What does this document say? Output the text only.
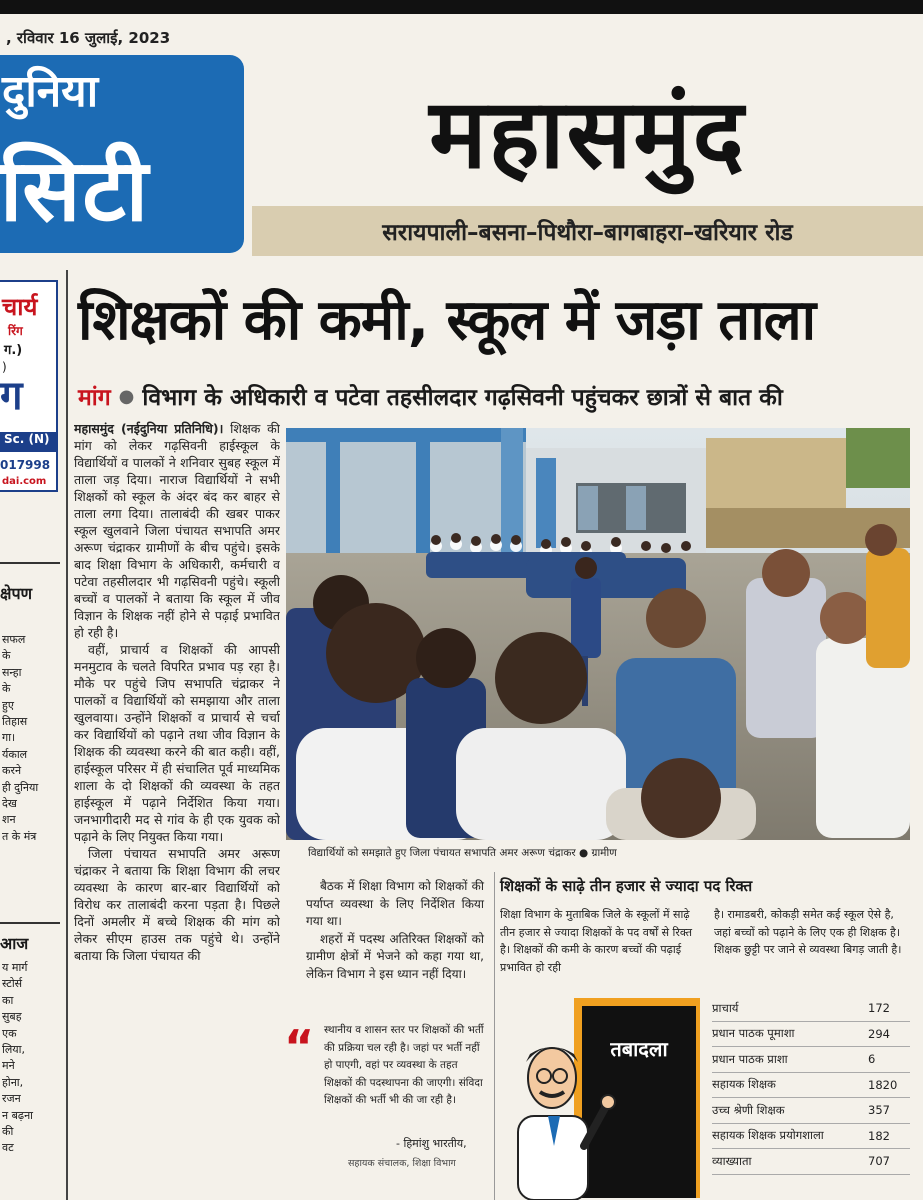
, रविवार 16 जुलाई, 2023
दुनिया
सिटी
महासमुंद
सरायपाली–बसना–पिथौरा–बागबाहरा–खरियार रोड
चार्य
रिंग
ग.)
)
ग
Sc. (N)
017998
dai.com
क्षेपण
सफल
के
सन्हा
के
हुए
तिहास
गा।
र्यकाल
करने
ही दुनिया
देख
शन
त के मंत्र
आज
य मार्ग
स्टोर्स
का
सुबह
एक
लिया,
मने
होना,
रजन
न बढ़ना
की
वट
शिक्षकों की कमी, स्कूल में जड़ा ताला
मांग ● विभाग के अधिकारी व पटेवा तहसीलदार गढ़सिवनी पहुंचकर छात्रों से बात की

महासमुंद (नईदुनिया प्रतिनिधि)। शिक्षक की मांग को लेकर गढ़सिवनी हाईस्कूल के विद्यार्थियों व पालकों ने शनिवार सुबह स्कूल में ताला जड़ दिया। नाराज विद्यार्थियों ने सभी शिक्षकों को स्कूल के अंदर बंद कर बाहर से ताला लगा दिया। तालाबंदी की खबर पाकर स्कूल खुलवाने जिला पंचायत सभापति अमर अरूण चंद्राकर ग्रामीणों के बीच पहुंचे। इसके बाद शिक्षा विभाग के अधिकारी, कर्मचारी व पटेवा तहसीलदार भी गढ़सिवनी पहुंचे। स्कूली बच्चों व पालकों ने बताया कि स्कूल में जीव विज्ञान के शिक्षक नहीं होने से पढ़ाई प्रभावित हो रही है।

वहीं, प्राचार्य व शिक्षकों की आपसी मनमुटाव के चलते विपरित प्रभाव पड़ रहा है। मौके पर पहुंचे जिप सभापति चंद्राकर ने पालकों व विद्यार्थियों को समझाया और ताला खुलवाया। उन्होंने शिक्षकों व प्राचार्य से चर्चा कर विद्यार्थियों को पढ़ाने तथा जीव विज्ञान के शिक्षक की व्यवस्था करने की बात कही। वहीं, हाईस्कूल परिसर में ही संचालित पूर्व माध्यमिक शाला के दो शिक्षकों की व्यवस्था के तहत हाईस्कूल में पढ़ाने निर्देशित किया गया। जनभागीदारी मद से गांव के ही एक युवक को पढ़ाने के लिए नियुक्त किया गया।

जिला पंचायत सभापति अमर अरूण चंद्राकर ने बताया कि शिक्षा विभाग की लचर व्यवस्था के कारण बार-बार विद्यार्थियों को विरोध कर तालाबंदी करना पड़ता है। पिछले दिनों अमलीर में बच्चे शिक्षक की मांग को लेकर सीएम हाउस तक पहुंचे थे। उन्होंने बताया कि जिला पंचायत की

विद्यार्थियों को समझाते हुए जिला पंचायत सभापति अमर अरूण चंद्राकर ● ग्रामीण

बैठक में शिक्षा विभाग को शिक्षकों की पर्याप्त व्यवस्था के लिए निर्देशित किया गया था।

शहरों में पदस्थ अतिरिक्त शिक्षकों को ग्रामीण क्षेत्रों में भेजने को कहा गया था, लेकिन विभाग ने इस ध्यान नहीं दिया।

“ स्थानीय व शासन स्तर पर शिक्षकों की भर्ती की प्रक्रिया चल रही है। जहां पर भर्ती नहीं हो पाएगी, वहां पर व्यवस्था के तहत शिक्षकों की पदस्थापना की जाएगी। संविदा शिक्षकों की भर्ती भी की जा रही है।
- हिमांशु भारतीय,
सहायक संचालक, शिक्षा विभाग
शिक्षकों के साढ़े तीन हजार से ज्यादा पद रिक्त
शिक्षा विभाग के मुताबिक जिले के स्कूलों में साढ़े तीन हजार से ज्यादा शिक्षकों के पद वर्षों से रिक्त है। शिक्षकों की कमी के कारण बच्चों की पढ़ाई प्रभावित हो रही
है। रामाडबरी, कोकड़ी समेत कई स्कूल ऐसे है, जहां बच्चों को पढ़ाने के लिए एक ही शिक्षक है। शिक्षक छुट्टी पर जाने से व्यवस्था बिगड़ जाती है।
तबादला
प्राचार्य	172
प्रधान पाठक पूमाशा	294
प्रधान पाठक प्राशा	6
सहायक शिक्षक	1820
उच्च श्रेणी शिक्षक	357
सहायक शिक्षक प्रयोगशाला	182
व्याख्याता	707
